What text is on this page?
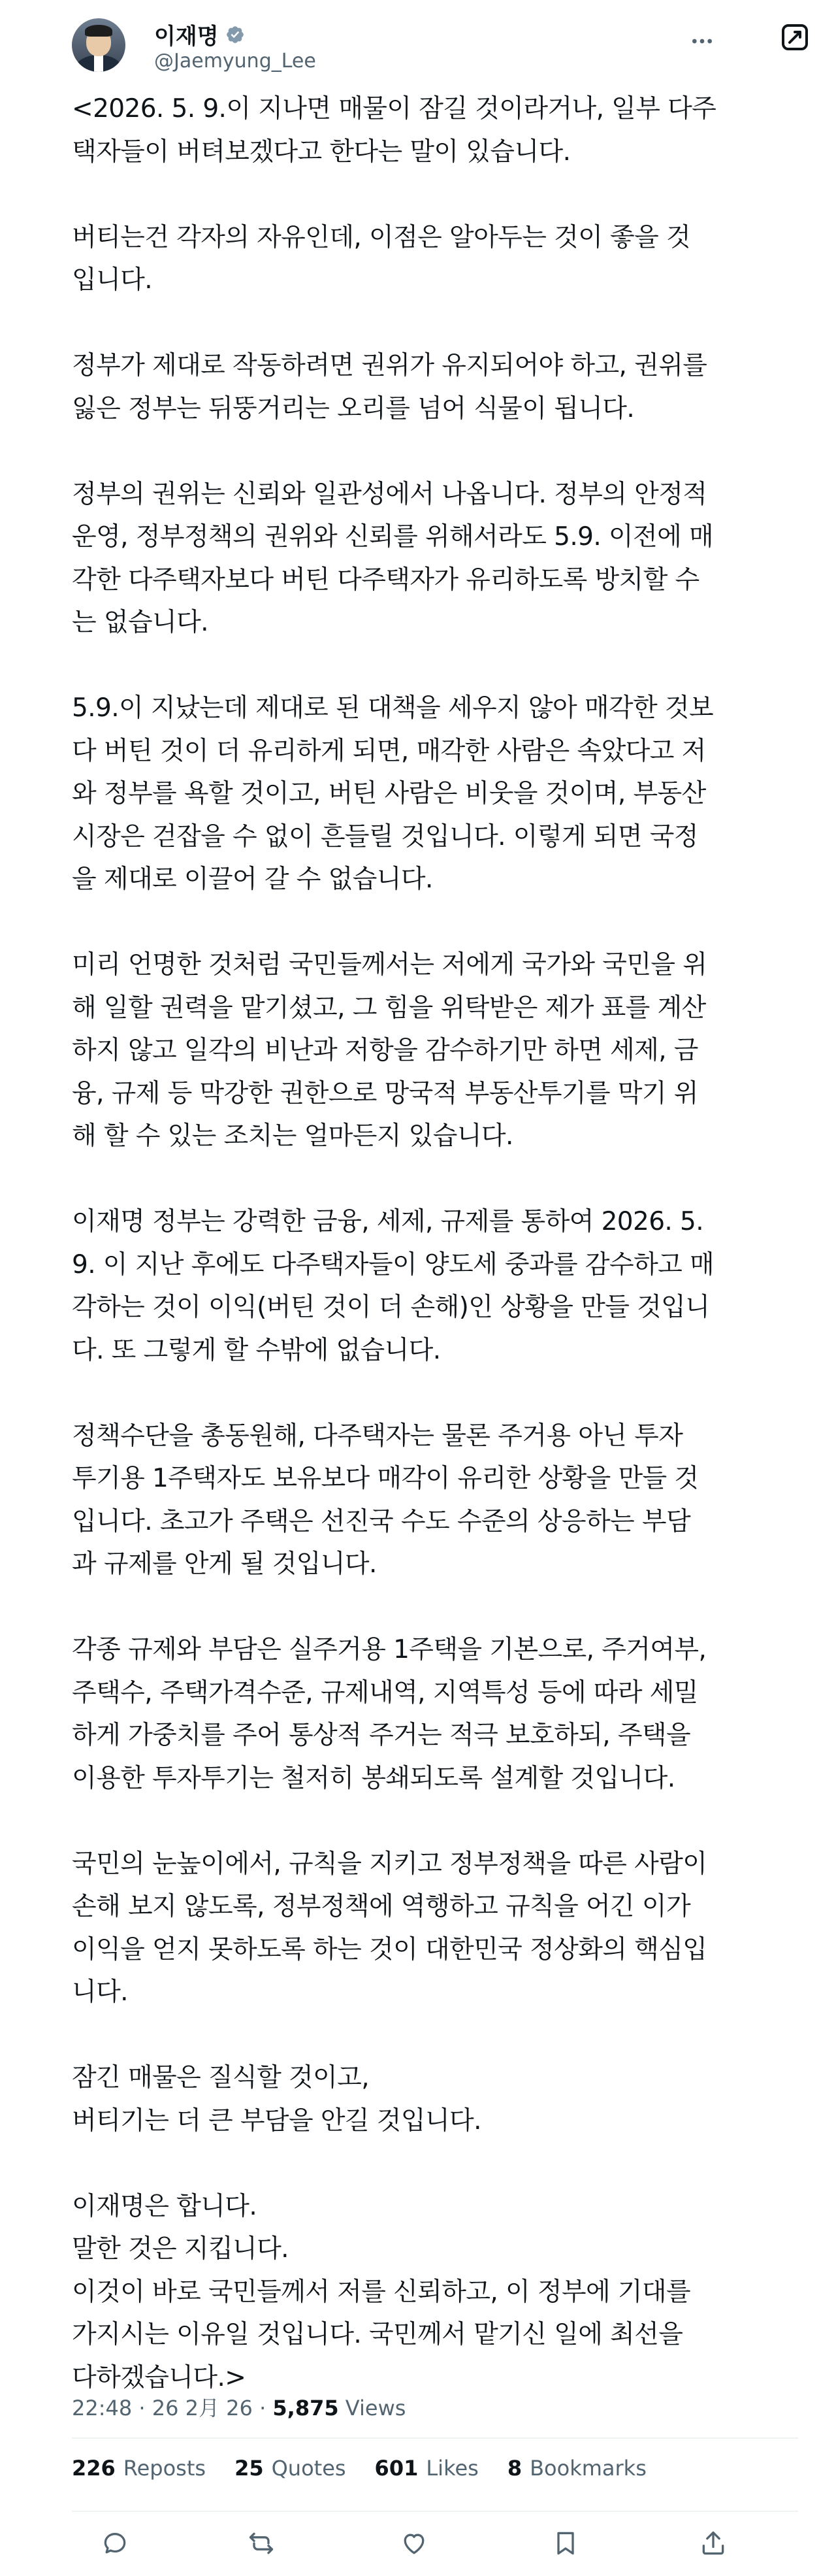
이재명
@Jaemyung_Lee

<2026. 5. 9.이 지나면 매물이 잠길 것이라거나, 일부 다주
택자들이 버텨보겠다고 한다는 말이 있습니다.

버티는건 각자의 자유인데, 이점은 알아두는 것이 좋을 것
입니다.

정부가 제대로 작동하려면 권위가 유지되어야 하고, 권위를
잃은 정부는 뒤뚱거리는 오리를 넘어 식물이 됩니다.

정부의 권위는 신뢰와 일관성에서 나옵니다. 정부의 안정적
운영, 정부정책의 권위와 신뢰를 위해서라도 5.9. 이전에 매
각한 다주택자보다 버틴 다주택자가 유리하도록 방치할 수
는 없습니다.

5.9.이 지났는데 제대로 된 대책을 세우지 않아 매각한 것보
다 버틴 것이 더 유리하게 되면, 매각한 사람은 속았다고 저
와 정부를 욕할 것이고, 버틴 사람은 비웃을 것이며, 부동산
시장은 걷잡을 수 없이 흔들릴 것입니다. 이렇게 되면 국정
을 제대로 이끌어 갈 수 없습니다.

미리 언명한 것처럼 국민들께서는 저에게 국가와 국민을 위
해 일할 권력을 맡기셨고, 그 힘을 위탁받은 제가 표를 계산
하지 않고 일각의 비난과 저항을 감수하기만 하면 세제, 금
융, 규제 등 막강한 권한으로 망국적 부동산투기를 막기 위
해 할 수 있는 조치는 얼마든지 있습니다.

이재명 정부는 강력한 금융, 세제, 규제를 통하여 2026. 5.
9. 이 지난 후에도 다주택자들이 양도세 중과를 감수하고 매
각하는 것이 이익(버틴 것이 더 손해)인 상황을 만들 것입니
다. 또 그렇게 할 수밖에 없습니다.

정책수단을 총동원해, 다주택자는 물론 주거용 아닌 투자
투기용 1주택자도 보유보다 매각이 유리한 상황을 만들 것
입니다. 초고가 주택은 선진국 수도 수준의 상응하는 부담
과 규제를 안게 될 것입니다.

각종 규제와 부담은 실주거용 1주택을 기본으로, 주거여부,
주택수, 주택가격수준, 규제내역, 지역특성 등에 따라 세밀
하게 가중치를 주어 통상적 주거는 적극 보호하되, 주택을
이용한 투자투기는 철저히 봉쇄되도록 설계할 것입니다.

국민의 눈높이에서, 규칙을 지키고 정부정책을 따른 사람이
손해 보지 않도록, 정부정책에 역행하고 규칙을 어긴 이가
이익을 얻지 못하도록 하는 것이 대한민국 정상화의 핵심입
니다.

잠긴 매물은 질식할 것이고,
버티기는 더 큰 부담을 안길 것입니다.

이재명은 합니다.
말한 것은 지킵니다.
이것이 바로 국민들께서 저를 신뢰하고, 이 정부에 기대를
가지시는 이유일 것입니다. 국민께서 맡기신 일에 최선을
다하겠습니다.>

22:48 · 26 2月 26 · 5,875 Views
226 Reposts 25 Quotes 601 Likes 8 Bookmarks
